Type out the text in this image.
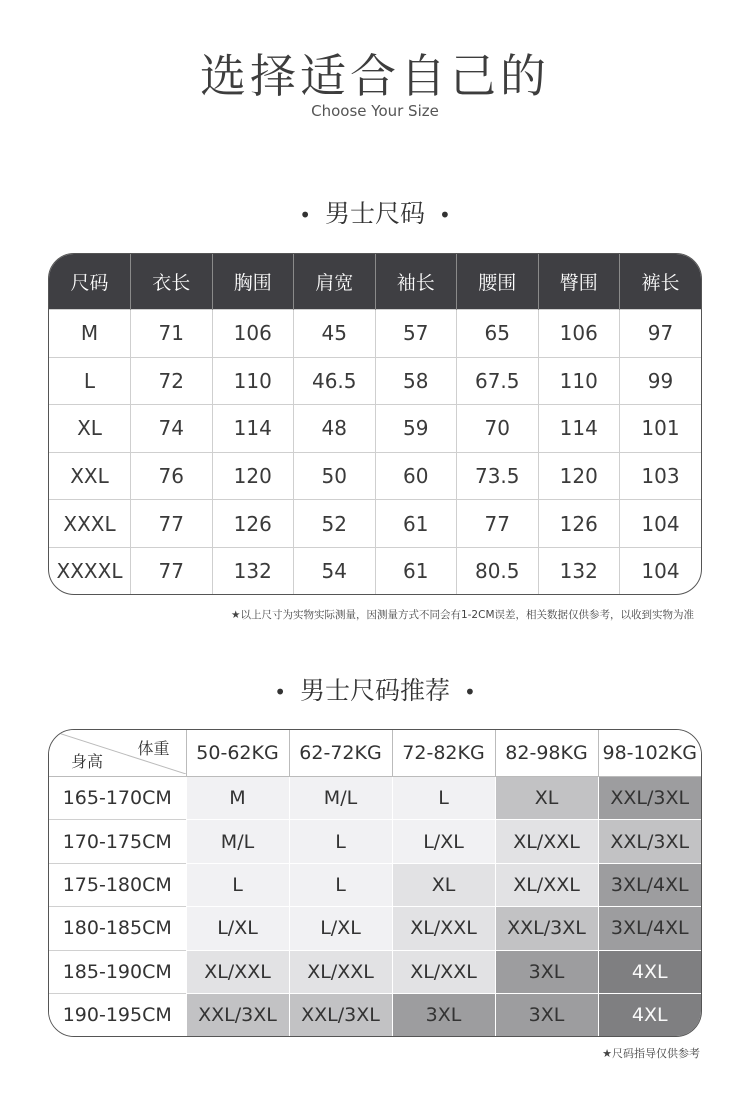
选择适合自己的
Choose Your Size
• 男士尺码 •
尺码	衣长	胸围	肩宽	袖长	腰围	臀围	裤长
M	71	106	45	57	65	106	97
L	72	110	46.5	58	67.5	110	99
XL	74	114	48	59	70	114	101
XXL	76	120	50	60	73.5	120	103
XXXL	77	126	52	61	77	126	104
XXXXL	77	132	54	61	80.5	132	104
★以上尺寸为实物实际测量，因测量方式不同会有1-2CM误差，相关数据仅供参考，以收到实物为准
• 男士尺码推荐 •
体重
身高	50-62KG	62-72KG	72-82KG	82-98KG	98-102KG
165-170CM	M	M/L	L	XL	XXL/3XL
170-175CM	M/L	L	L/XL	XL/XXL	XXL/3XL
175-180CM	L	L	XL	XL/XXL	3XL/4XL
180-185CM	L/XL	L/XL	XL/XXL	XXL/3XL	3XL/4XL
185-190CM	XL/XXL	XL/XXL	XL/XXL	3XL	4XL
190-195CM	XXL/3XL	XXL/3XL	3XL	3XL	4XL
★尺码指导仅供参考
